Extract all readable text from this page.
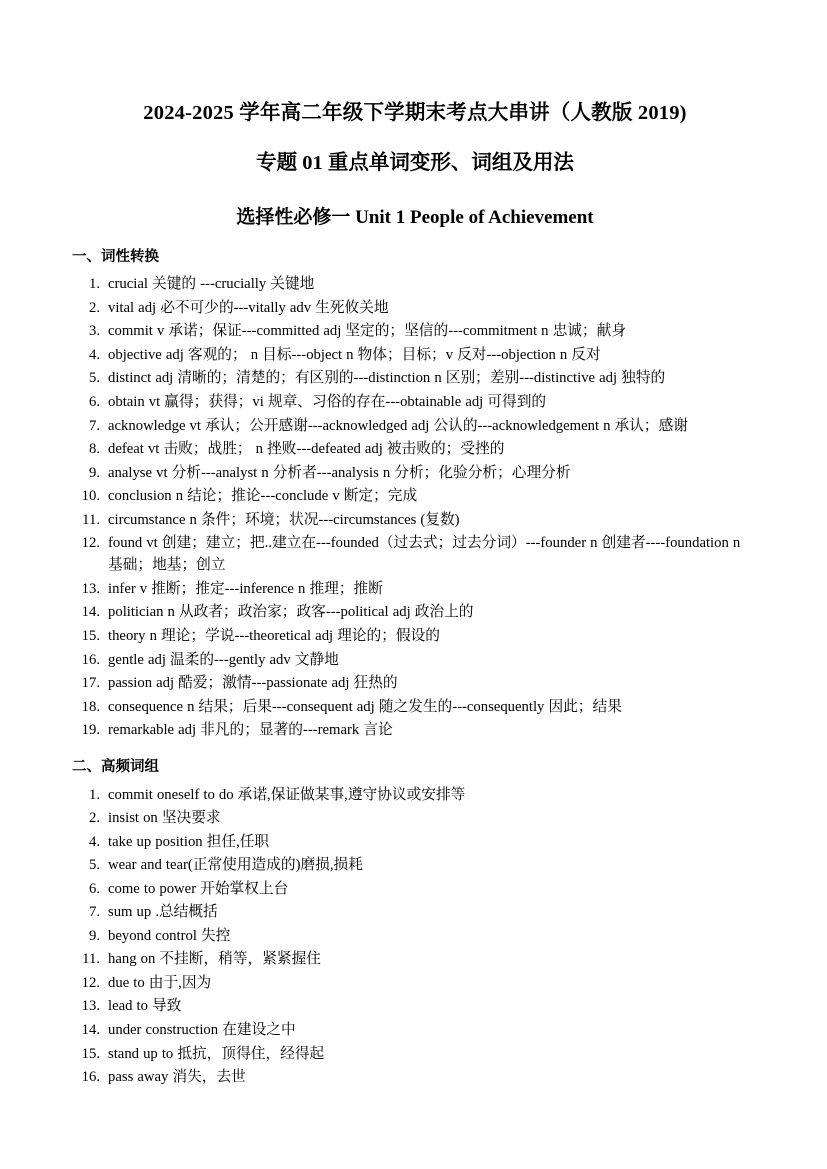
2024-2025 学年高二年级下学期末考点大串讲（人教版 2019)
专题 01 重点单词变形、词组及用法
选择性必修一 Unit 1 People of Achievement
一、词性转换
1. crucial 关键的 ---crucially 关键地
2. vital adj 必不可少的---vitally adv 生死攸关地
3. commit v 承诺；保证---committed adj 坚定的；坚信的---commitment n 忠诚；献身
4. objective adj 客观的； n 目标---object n 物体；目标；v 反对---objection n 反对
5. distinct adj 清晰的；清楚的；有区别的---distinction n 区别；差别---distinctive adj 独特的
6. obtain vt 赢得；获得；vi 规章、习俗的存在---obtainable adj 可得到的
7. acknowledge vt 承认；公开感谢---acknowledged adj 公认的---acknowledgement n 承认；感谢
8. defeat vt 击败；战胜； n 挫败---defeated adj 被击败的；受挫的
9. analyse vt 分析---analyst n 分析者---analysis n 分析；化验分析；心理分析
10. conclusion n 结论；推论---conclude v 断定；完成
11. circumstance n 条件；环境；状况---circumstances (复数)
12. found vt 创建；建立；把..建立在---founded（过去式；过去分词）---founder n 创建者----foundation n 基础；地基；创立
13. infer v 推断；推定---inference n 推理；推断
14. politician n 从政者；政治家；政客---political adj 政治上的
15. theory n 理论；学说---theoretical adj 理论的；假设的
16. gentle adj 温柔的---gently adv 文静地
17. passion adj 酷爱；激情---passionate adj 狂热的
18. consequence n 结果；后果---consequent adj 随之发生的---consequently 因此；结果
19. remarkable adj 非凡的；显著的---remark 言论
二、高频词组
1. commit oneself to do 承诺,保证做某事,遵守协议或安排等
2. insist on 坚决要求
4. take up position 担任,任职
5. wear and tear(正常使用造成的)磨损,损耗
6. come to power 开始掌权上台
7. sum up .总结概括
9. beyond control 失控
11. hang on 不挂断，稍等，紧紧握住
12. due to 由于,因为
13. lead to 导致
14. under construction 在建设之中
15. stand up to 抵抗，顶得住，经得起
16. pass away 消失，去世
